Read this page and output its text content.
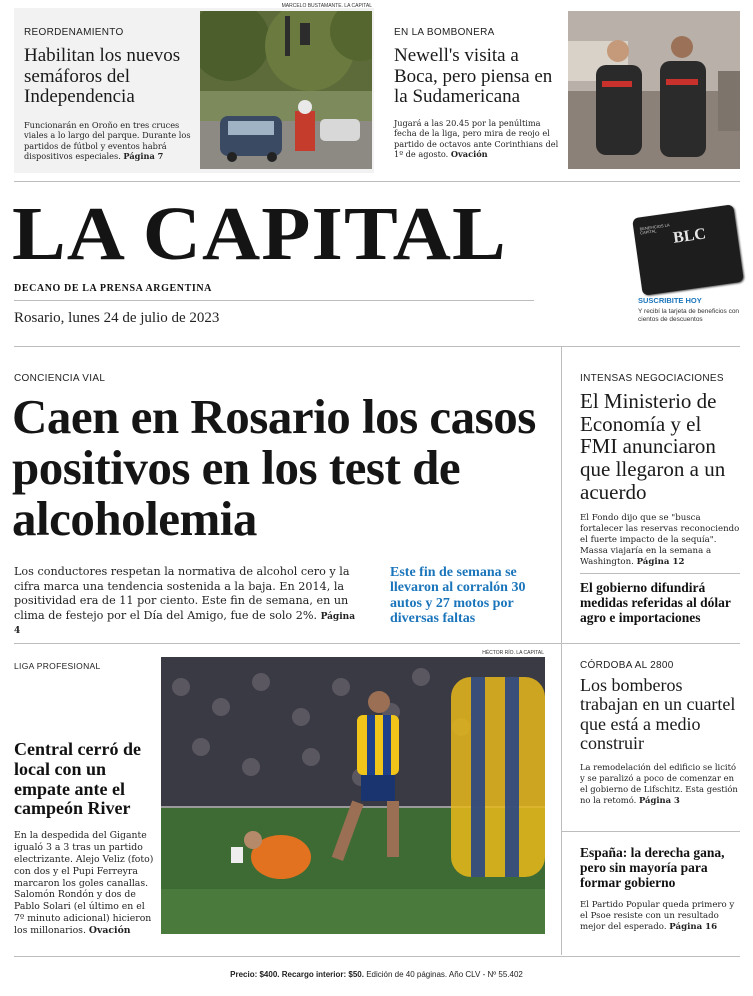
REORDENAMIENTO
Habilitan los nuevos semáforos del Independencia
Funcionarán en Oroño en tres cruces viales a lo largo del parque. Durante los partidos de fútbol y eventos habrá dispositivos especiales. Página 7
MARCELO BUSTAMANTE. LA CAPITAL
EN LA BOMBONERA
Newell's visita a Boca, pero piensa en la Sudamericana
Jugará a las 20.45 por la penúltima fecha de la liga, pero mira de reojo el partido de octavos ante Corinthians del 1º de agosto. Ovación
LA CAPITAL
DECANO DE LA PRENSA ARGENTINA
Rosario, lunes 24 de julio de 2023
BENEFICIOS LA CAPITAL BLC
SUSCRIBITE HOY
Y recibí la tarjeta de beneficios con cientos de descuentos
CONCIENCIA VIAL
Caen en Rosario los casos positivos en los test de alcoholemia
Los conductores respetan la normativa de alcohol cero y la cifra marca una tendencia sostenida a la baja. En 2014, la positividad era de 11 por ciento. Este fin de semana, en un clima de festejo por el Día del Amigo, fue de solo 2%. Página 4
Este fin de semana se llevaron al corralón 30 autos y 27 motos por diversas faltas
INTENSAS NEGOCIACIONES
El Ministerio de Economía y el FMI anunciaron que llegaron a un acuerdo
El Fondo dijo que se "busca fortalecer las reservas reconociendo el fuerte impacto de la sequía". Massa viajaría en la semana a Washington. Página 12
El gobierno difundirá medidas referidas al dólar agro e importaciones
LIGA PROFESIONAL
Central cerró de local con un empate ante el campeón River
En la despedida del Gigante igualó 3 a 3 tras un partido electrizante. Alejo Veliz (foto) con dos y el Pupi Ferreyra marcaron los goles canallas. Salomón Rondón y dos de Pablo Solari (el último en el 7º minuto adicional) hicieron los millonarios. Ovación
HÉCTOR RÍO. LA CAPITAL
CÓRDOBA AL 2800
Los bomberos trabajan en un cuartel que está a medio construir
La remodelación del edificio se licitó y se paralizó a poco de comenzar en el gobierno de Lifschitz. Esta gestión no la retomó. Página 3
España: la derecha gana, pero sin mayoría para formar gobierno
El Partido Popular queda primero y el Psoe resiste con un resultado mejor del esperado. Página 16
Precio: $400. Recargo interior: $50. Edición de 40 páginas. Año CLV - Nº 55.402
